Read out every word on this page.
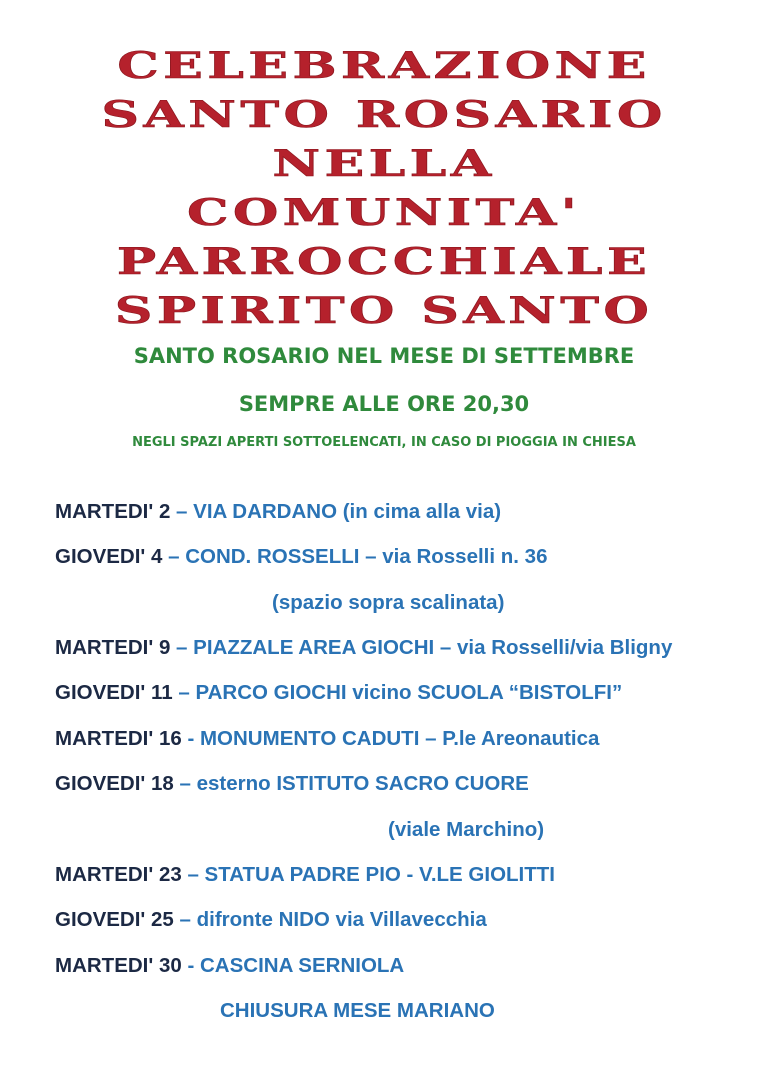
CELEBRAZIONE
SANTO ROSARIO
NELLA
COMUNITA'
PARROCCHIALE
SPIRITO SANTO
SANTO ROSARIO NEL MESE DI SETTEMBRE
SEMPRE ALLE ORE 20,30
NEGLI SPAZI APERTI SOTTOELENCATI, IN CASO DI PIOGGIA IN CHIESA
MARTEDI' 2 – VIA DARDANO (in cima alla via)
GIOVEDI' 4 – COND. ROSSELLI – via Rosselli n. 36
(spazio sopra scalinata)
MARTEDI' 9 – PIAZZALE AREA GIOCHI – via Rosselli/via Bligny
GIOVEDI' 11 – PARCO GIOCHI vicino SCUOLA “BISTOLFI”
MARTEDI' 16 - MONUMENTO CADUTI – P.le Areonautica
GIOVEDI' 18 – esterno ISTITUTO SACRO CUORE
(viale Marchino)
MARTEDI' 23 – STATUA PADRE PIO - V.LE GIOLITTI
GIOVEDI' 25 – difronte NIDO via Villavecchia
MARTEDI' 30 - CASCINA SERNIOLA
CHIUSURA MESE MARIANO
